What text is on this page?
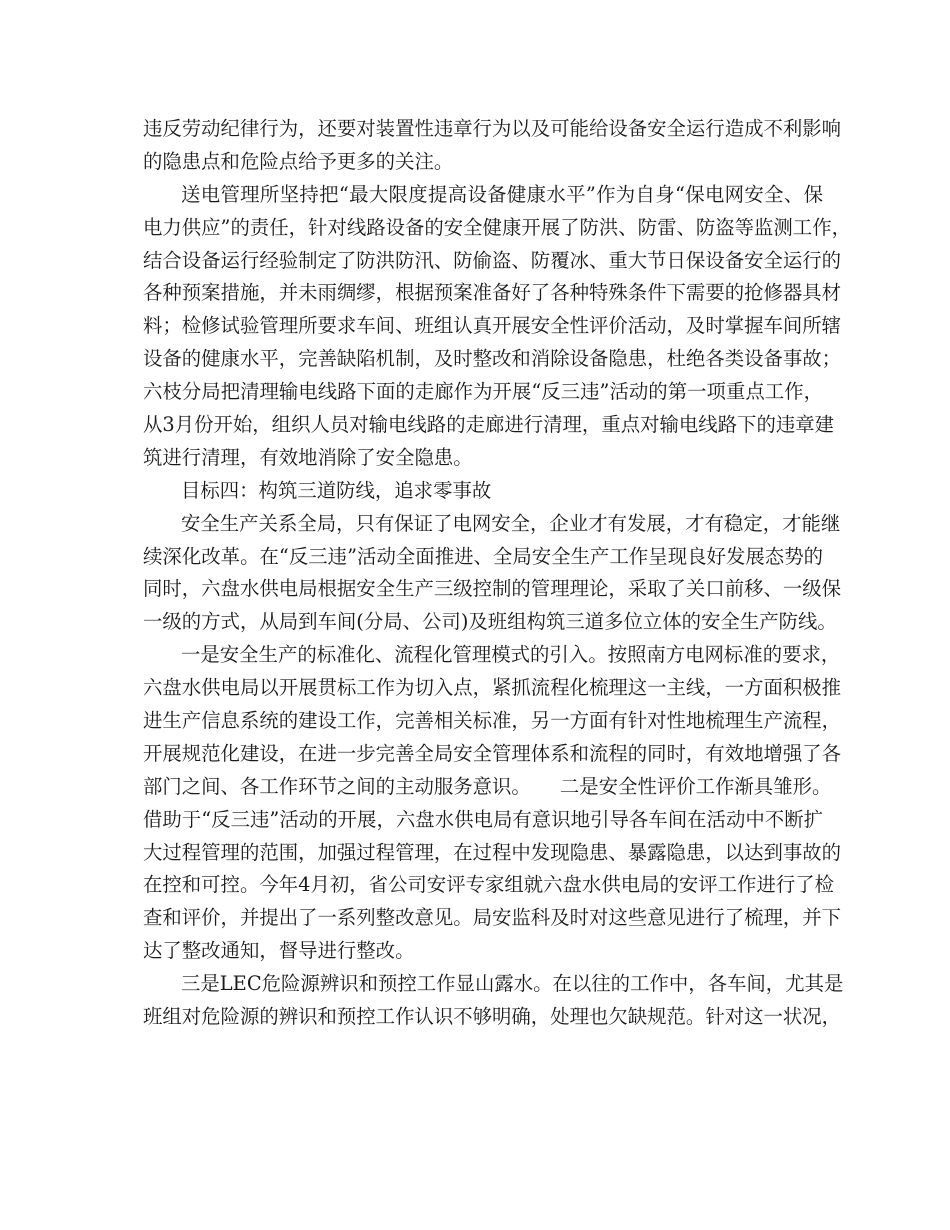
违反劳动纪律行为，还要对装置性违章行为以及可能给设备安全运行造成不利影响
的隐患点和危险点给予更多的关注。
送电管理所坚持把“最大限度提高设备健康水平”作为自身“保电网安全、保
电力供应”的责任，针对线路设备的安全健康开展了防洪、防雷、防盗等监测工作，
结合设备运行经验制定了防洪防汛、防偷盗、防覆冰、重大节日保设备安全运行的
各种预案措施，并未雨绸缪，根据预案准备好了各种特殊条件下需要的抢修器具材
料；检修试验管理所要求车间、班组认真开展安全性评价活动，及时掌握车间所辖
设备的健康水平，完善缺陷机制，及时整改和消除设备隐患，杜绝各类设备事故；
六枝分局把清理输电线路下面的走廊作为开展“反三违”活动的第一项重点工作，
从3月份开始，组织人员对输电线路的走廊进行清理，重点对输电线路下的违章建
筑进行清理，有效地消除了安全隐患。
目标四：构筑三道防线，追求零事故
安全生产关系全局，只有保证了电网安全，企业才有发展，才有稳定，才能继
续深化改革。在“反三违”活动全面推进、全局安全生产工作呈现良好发展态势的
同时，六盘水供电局根据安全生产三级控制的管理理论，采取了关口前移、一级保
一级的方式，从局到车间(分局、公司)及班组构筑三道多位立体的安全生产防线。
一是安全生产的标准化、流程化管理模式的引入。按照南方电网标准的要求，
六盘水供电局以开展贯标工作为切入点，紧抓流程化梳理这一主线，一方面积极推
进生产信息系统的建设工作，完善相关标准，另一方面有针对性地梳理生产流程，
开展规范化建设，在进一步完善全局安全管理体系和流程的同时，有效地增强了各
部门之间、各工作环节之间的主动服务意识。　　二是安全性评价工作渐具雏形。
借助于“反三违”活动的开展，六盘水供电局有意识地引导各车间在活动中不断扩
大过程管理的范围，加强过程管理，在过程中发现隐患、暴露隐患，以达到事故的
在控和可控。今年4月初，省公司安评专家组就六盘水供电局的安评工作进行了检
查和评价，并提出了一系列整改意见。局安监科及时对这些意见进行了梳理，并下
达了整改通知，督导进行整改。
三是LEC危险源辨识和预控工作显山露水。在以往的工作中，各车间，尤其是
班组对危险源的辨识和预控工作认识不够明确，处理也欠缺规范。针对这一状况，
